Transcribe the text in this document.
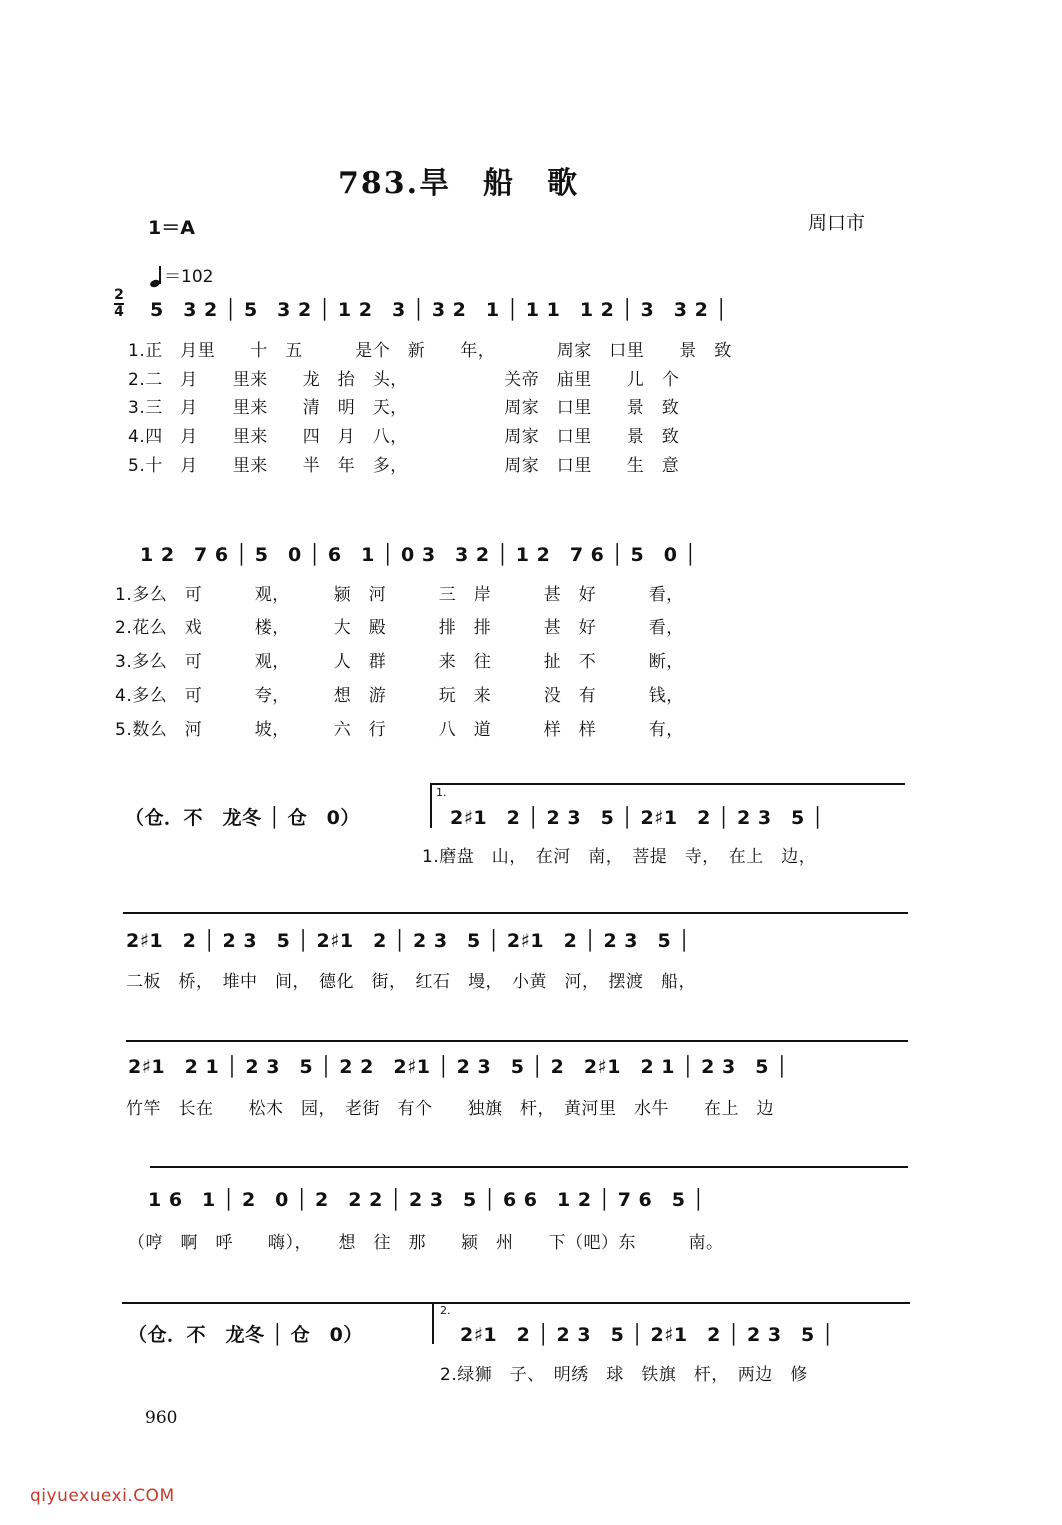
783.旱　船　歌
1＝A	周口市
＝102
2
4 5　3 2 │ 5　3 2 │ 1 2　3 │ 3 2　1 │ 1 1　1 2 │ 3　3 2 │
1.正　月里　　十　五　　　是个　新　　年，　　　　周家　口里　　景　致
2.二　月　　里来　　龙　抬　头，　　　　　　关帝　庙里　　儿　个
3.三　月　　里来　　清　明　天，　　　　　　周家　口里　　景　致
4.四　月　　里来　　四　月　八，　　　　　　周家　口里　　景　致
5.十　月　　里来　　半　年　多，　　　　　　周家　口里　　生　意
1 2　7 6 │ 5　0 │ 6　1 │ 0 3　3 2 │ 1 2　7 6 │ 5　0 │
1.多么　可　　　观，　　　颍　河　　　三　岸　　　甚　好　　　看，
2.花么　戏　　　楼，　　　大　殿　　　排　排　　　甚　好　　　看，
3.多么　可　　　观，　　　人　群　　　来　往　　　扯　不　　　断，
4.多么　可　　　夸，　　　想　游　　　玩　来　　　没　有　　　钱，
5.数么　河　　　坡，　　　六　行　　　八　道　　　样　样　　　有，
1.
（仓．不　龙冬 │ 仓　0）	2♯1　2 │ 2 3　5 │ 2♯1　2 │ 2 3　5 │
1.磨盘　山，　在河　南，　菩提　寺，　在上　边，
2♯1　2 │ 2 3　5 │ 2♯1　2 │ 2 3　5 │ 2♯1　2 │ 2 3　5 │
二板　桥，　堆中　间，　德化　街，　红石　墁，　小黄　河，　摆渡　船，
2♯1　2 1 │ 2 3　5 │ 2 2　2♯1 │ 2 3　5 │ 2　2♯1　2 1 │ 2 3　5 │
竹竿　长在　　松木　园，　老街　有个　　独旗　杆，　黄河里　水牛　　在上　边
1 6　1 │ 2　0 │ 2　2 2 │ 2 3　5 │ 6 6　1 2 │ 7 6　5 │
（哼　啊　呼　　嗨），　　想　往　那　　颍　州　　下（吧）东　　　南。
2.
（仓．不　龙冬 │ 仓　0）	2♯1　2 │ 2 3　5 │ 2♯1　2 │ 2 3　5 │
2.绿狮　子、　明绣　球　铁旗　杆，　两边　修
960
qiyuexuexi.COM
